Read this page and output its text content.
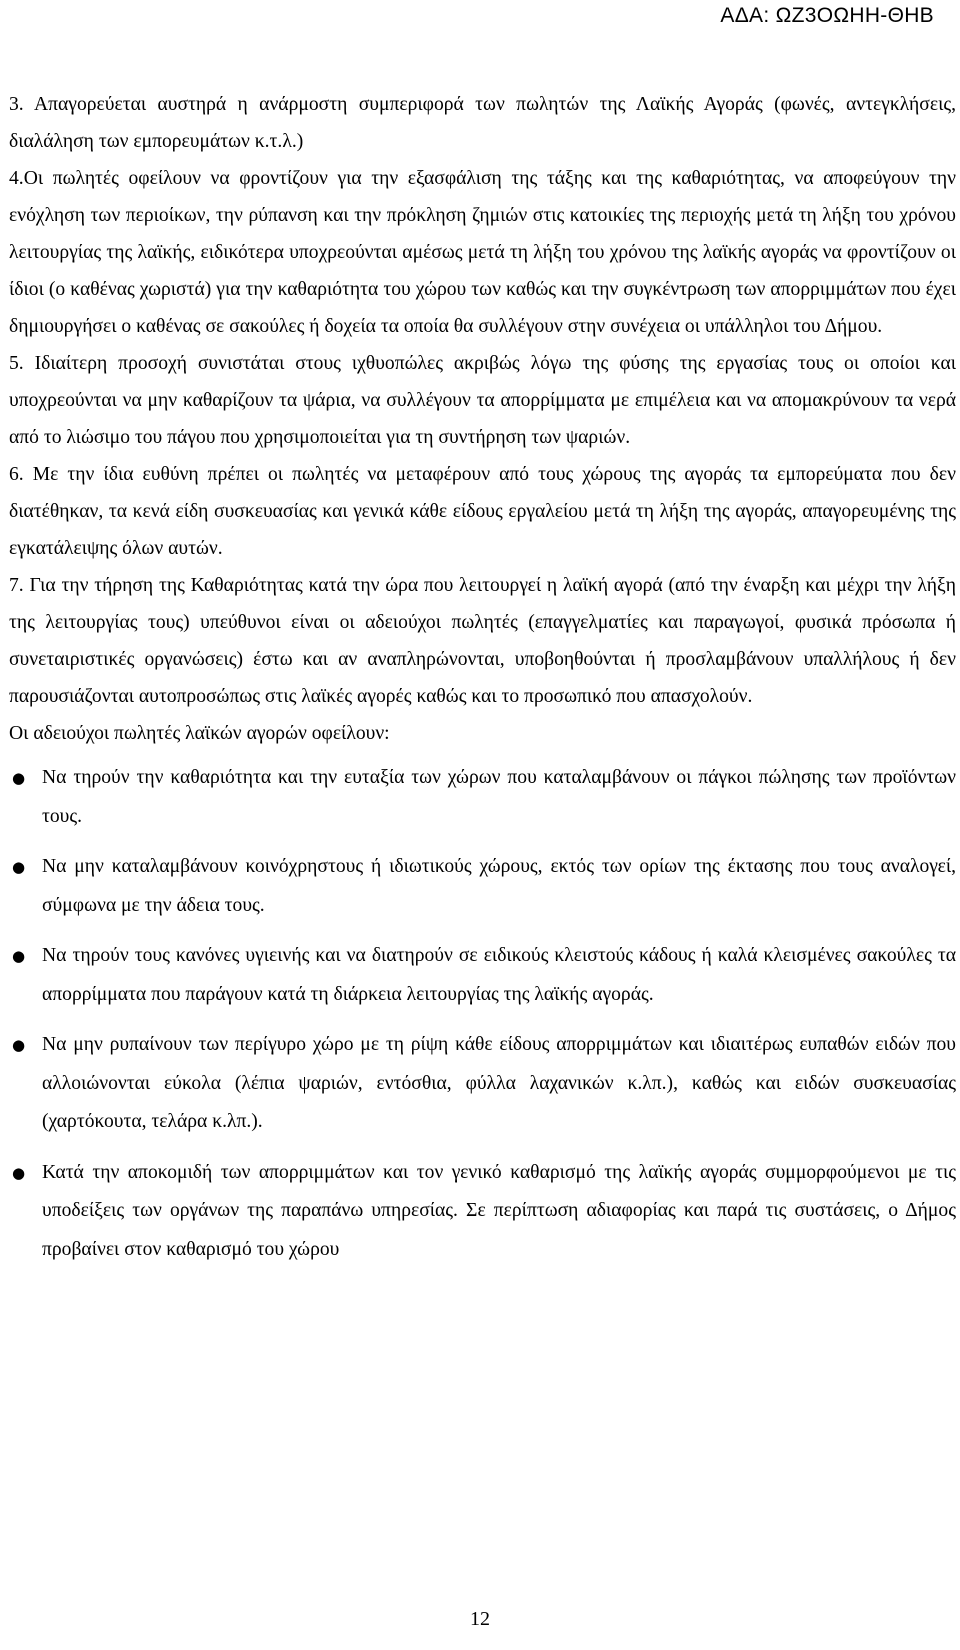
ΑΔΑ: ΩΖ3ΟΩΗΗ-ΘΗΒ

3. Απαγορεύεται αυστηρά η ανάρμοστη συμπεριφορά των πωλητών της Λαϊκής Αγοράς (φωνές, αντεγκλήσεις, διαλάληση των εμπορευμάτων κ.τ.λ.)

4.Οι πωλητές οφείλουν να φροντίζουν για την εξασφάλιση της τάξης και της καθαριότητας, να αποφεύγουν την ενόχληση των περιοίκων, την ρύπανση και την πρόκληση ζημιών στις κατοικίες της περιοχής μετά τη λήξη του χρόνου λειτουργίας της λαϊκής, ειδικότερα υποχρεούνται αμέσως μετά τη λήξη του χρόνου της λαϊκής αγοράς να φροντίζουν οι ίδιοι (ο καθένας χωριστά) για την καθαριότητα του χώρου των καθώς και την συγκέντρωση των απορριμμάτων που έχει δημιουργήσει ο καθένας σε σακούλες ή δοχεία τα οποία θα συλλέγουν στην συνέχεια οι υπάλληλοι του Δήμου.

5. Ιδιαίτερη προσοχή συνιστάται στους ιχθυοπώλες ακριβώς λόγω της φύσης της εργασίας τους οι οποίοι και υποχρεούνται να μην καθαρίζουν τα ψάρια, να συλλέγουν τα απορρίμματα με επιμέλεια και να απομακρύνουν τα νερά από το λιώσιμο του πάγου που χρησιμοποιείται για τη συντήρηση των ψαριών.

6. Με την ίδια ευθύνη πρέπει οι πωλητές να μεταφέρουν από τους χώρους της αγοράς τα εμπορεύματα που δεν διατέθηκαν, τα κενά είδη συσκευασίας και γενικά κάθε είδους εργαλείου μετά τη λήξη της αγοράς, απαγορευμένης της εγκατάλειψης όλων αυτών.

7. Για την τήρηση της Καθαριότητας κατά την ώρα που λειτουργεί η λαϊκή αγορά (από την έναρξη και μέχρι την λήξη της λειτουργίας τους) υπεύθυνοι είναι οι αδειούχοι πωλητές (επαγγελματίες και παραγωγοί, φυσικά πρόσωπα ή συνεταιριστικές οργανώσεις) έστω και αν αναπληρώνονται, υποβοηθούνται ή προσλαμβάνουν υπαλλήλους ή δεν παρουσιάζονται αυτοπροσώπως στις λαϊκές αγορές καθώς και το προσωπικό που απασχολούν.

Οι αδειούχοι πωλητές λαϊκών αγορών οφείλουν:

● Να τηρούν την καθαριότητα και την ευταξία των χώρων που καταλαμβάνουν οι πάγκοι πώλησης των προϊόντων τους.
● Να μην καταλαμβάνουν κοινόχρηστους ή ιδιωτικούς χώρους, εκτός των ορίων της έκτασης που τους αναλογεί, σύμφωνα με την άδεια τους.
● Να τηρούν τους κανόνες υγιεινής και να διατηρούν σε ειδικούς κλειστούς κάδους ή καλά κλεισμένες σακούλες τα απορρίμματα που παράγουν κατά τη διάρκεια λειτουργίας της λαϊκής αγοράς.
● Να μην ρυπαίνουν των περίγυρο χώρο με τη ρίψη κάθε είδους απορριμμάτων και ιδιαιτέρως ευπαθών ειδών που αλλοιώνονται εύκολα (λέπια ψαριών, εντόσθια, φύλλα λαχανικών κ.λπ.), καθώς και ειδών συσκευασίας (χαρτόκουτα, τελάρα κ.λπ.).
● Κατά την αποκομιδή των απορριμμάτων και τον γενικό καθαρισμό της λαϊκής αγοράς συμμορφούμενοι με τις υποδείξεις των οργάνων της παραπάνω υπηρεσίας. Σε περίπτωση αδιαφορίας και παρά τις συστάσεις, ο Δήμος προβαίνει στον καθαρισμό του χώρου
12
